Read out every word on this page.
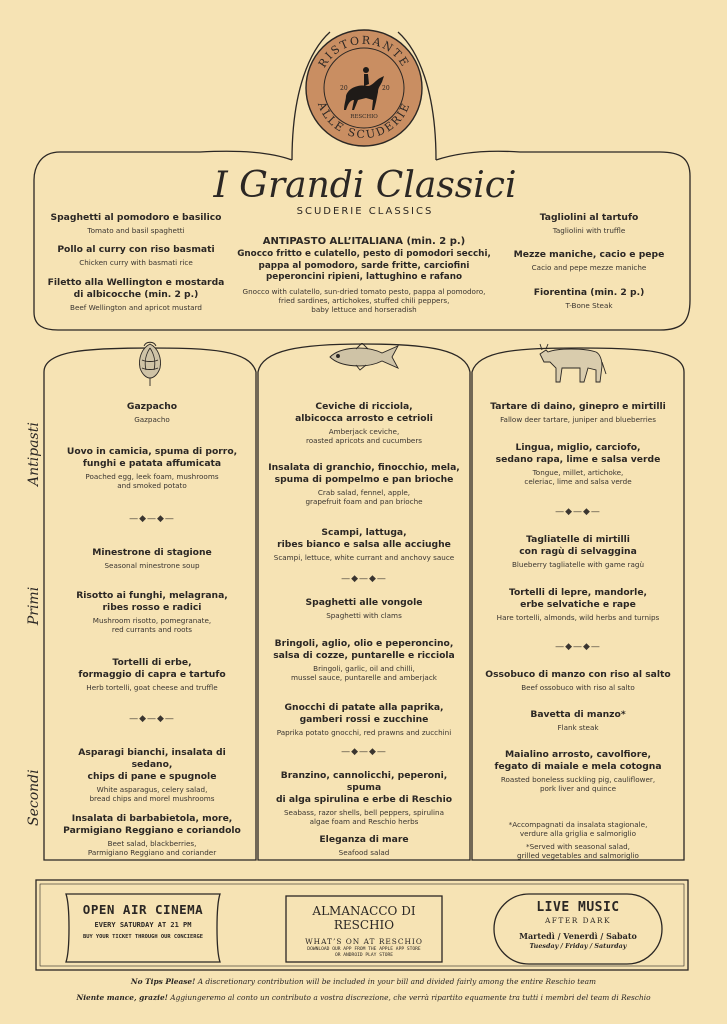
RISTORANTE
ALLE SCUDERIE
20	20
RESCHIO
I Grandi Classici
SCUDERIE CLASSICS
Spaghetti al pomodoro e basilico
Tomato and basil spaghetti
Pollo al curry con riso basmati
Chicken curry with basmati rice
Filetto alla Wellington e mostarda
di albicocche (min. 2 p.)
Beef Wellington and apricot mustard
ANTIPASTO ALL’ITALIANA (min. 2 p.)
Gnocco fritto e culatello, pesto di pomodori secchi,
pappa al pomodoro, sarde fritte, carciofini
peperoncini ripieni, lattughino e rafano
Gnocco with culatello, sun-dried tomato pesto, pappa al pomodoro,
fried sardines, artichokes, stuffed chili peppers,
baby lettuce and horseradish
Tagliolini al tartufo
Tagliolini with truffle
Mezze maniche, cacio e pepe
Cacio and pepe mezze maniche
Fiorentina (min. 2 p.)
T-Bone Steak
Antipasti
Primi
Secondi
Gazpacho
Gazpacho
Uovo in camicia, spuma di porro,
funghi e patata affumicata
Poached egg, leek foam, mushrooms
and smoked potato
—◆—◆—
Minestrone di stagione
Seasonal minestrone soup
Risotto ai funghi, melagrana,
ribes rosso e radici
Mushroom risotto, pomegranate,
red currants and roots
Tortelli di erbe,
formaggio di capra e tartufo
Herb tortelli, goat cheese and truffle
—◆—◆—
Asparagi bianchi, insalata di sedano,
chips di pane e spugnole
White asparagus, celery salad,
bread chips and morel mushrooms
Insalata di barbabietola, more,
Parmigiano Reggiano e coriandolo
Beet salad, blackberries,
Parmigiano Reggiano and coriander
Ceviche di ricciola,
albicocca arrosto e cetrioli
Amberjack ceviche,
roasted apricots and cucumbers
Insalata di granchio, finocchio, mela,
spuma di pompelmo e pan brioche
Crab salad, fennel, apple,
grapefruit foam and pan brioche
Scampi, lattuga,
ribes bianco e salsa alle acciughe
Scampi, lettuce, white currant and anchovy sauce
—◆—◆—
Spaghetti alle vongole
Spaghetti with clams
Bringoli, aglio, olio e peperoncino,
salsa di cozze, puntarelle e ricciola
Bringoli, garlic, oil and chilli,
mussel sauce, puntarelle and amberjack
Gnocchi di patate alla paprika,
gamberi rossi e zucchine
Paprika potato gnocchi, red prawns and zucchini
—◆—◆—
Branzino, cannolicchi, peperoni, spuma
di alga spirulina e erbe di Reschio
Seabass, razor shells, bell peppers, spirulina
algae foam and Reschio herbs
Eleganza di mare
Seafood salad
Tartare di daino, ginepro e mirtilli
Fallow deer tartare, juniper and blueberries
Lingua, miglio, carciofo,
sedano rapa, lime e salsa verde
Tongue, millet, artichoke,
celeriac, lime and salsa verde
—◆—◆—
Tagliatelle di mirtilli
con ragù di selvaggina
Blueberry tagliatelle with game ragù
Tortelli di lepre, mandorle,
erbe selvatiche e rape
Hare tortelli, almonds, wild herbs and turnips
—◆—◆—
Ossobuco di manzo con riso al salto
Beef ossobuco with riso al salto
Bavetta di manzo*
Flank steak
Maialino arrosto, cavolfiore,
fegato di maiale e mela cotogna
Roasted boneless suckling pig, cauliflower,
pork liver and quince
*Accompagnati da insalata stagionale,
verdure alla griglia e salmoriglio
*Served with seasonal salad,
grilled vegetables and salmoriglio
OPEN AIR CINEMA
EVERY SATURDAY AT 21 PM
BUY YOUR TICKET THROUGH OUR CONCIERGE
ALMANACCO DI RESCHIO
WHAT’S ON AT RESCHIO
DOWNLOAD OUR APP FROM THE APPLE APP STORE
OR ANDROID PLAY STORE
LIVE MUSIC
AFTER DARK
Martedì / Venerdì / Sabato
Tuesday / Friday / Saturday
No Tips Please! A discretionary contribution will be included in your bill and divided fairly among the entire Reschio team
Niente mance, grazie! Aggiungeremo al conto un contributo a vostra discrezione, che verrà ripartito equamente tra tutti i membri del team di Reschio
